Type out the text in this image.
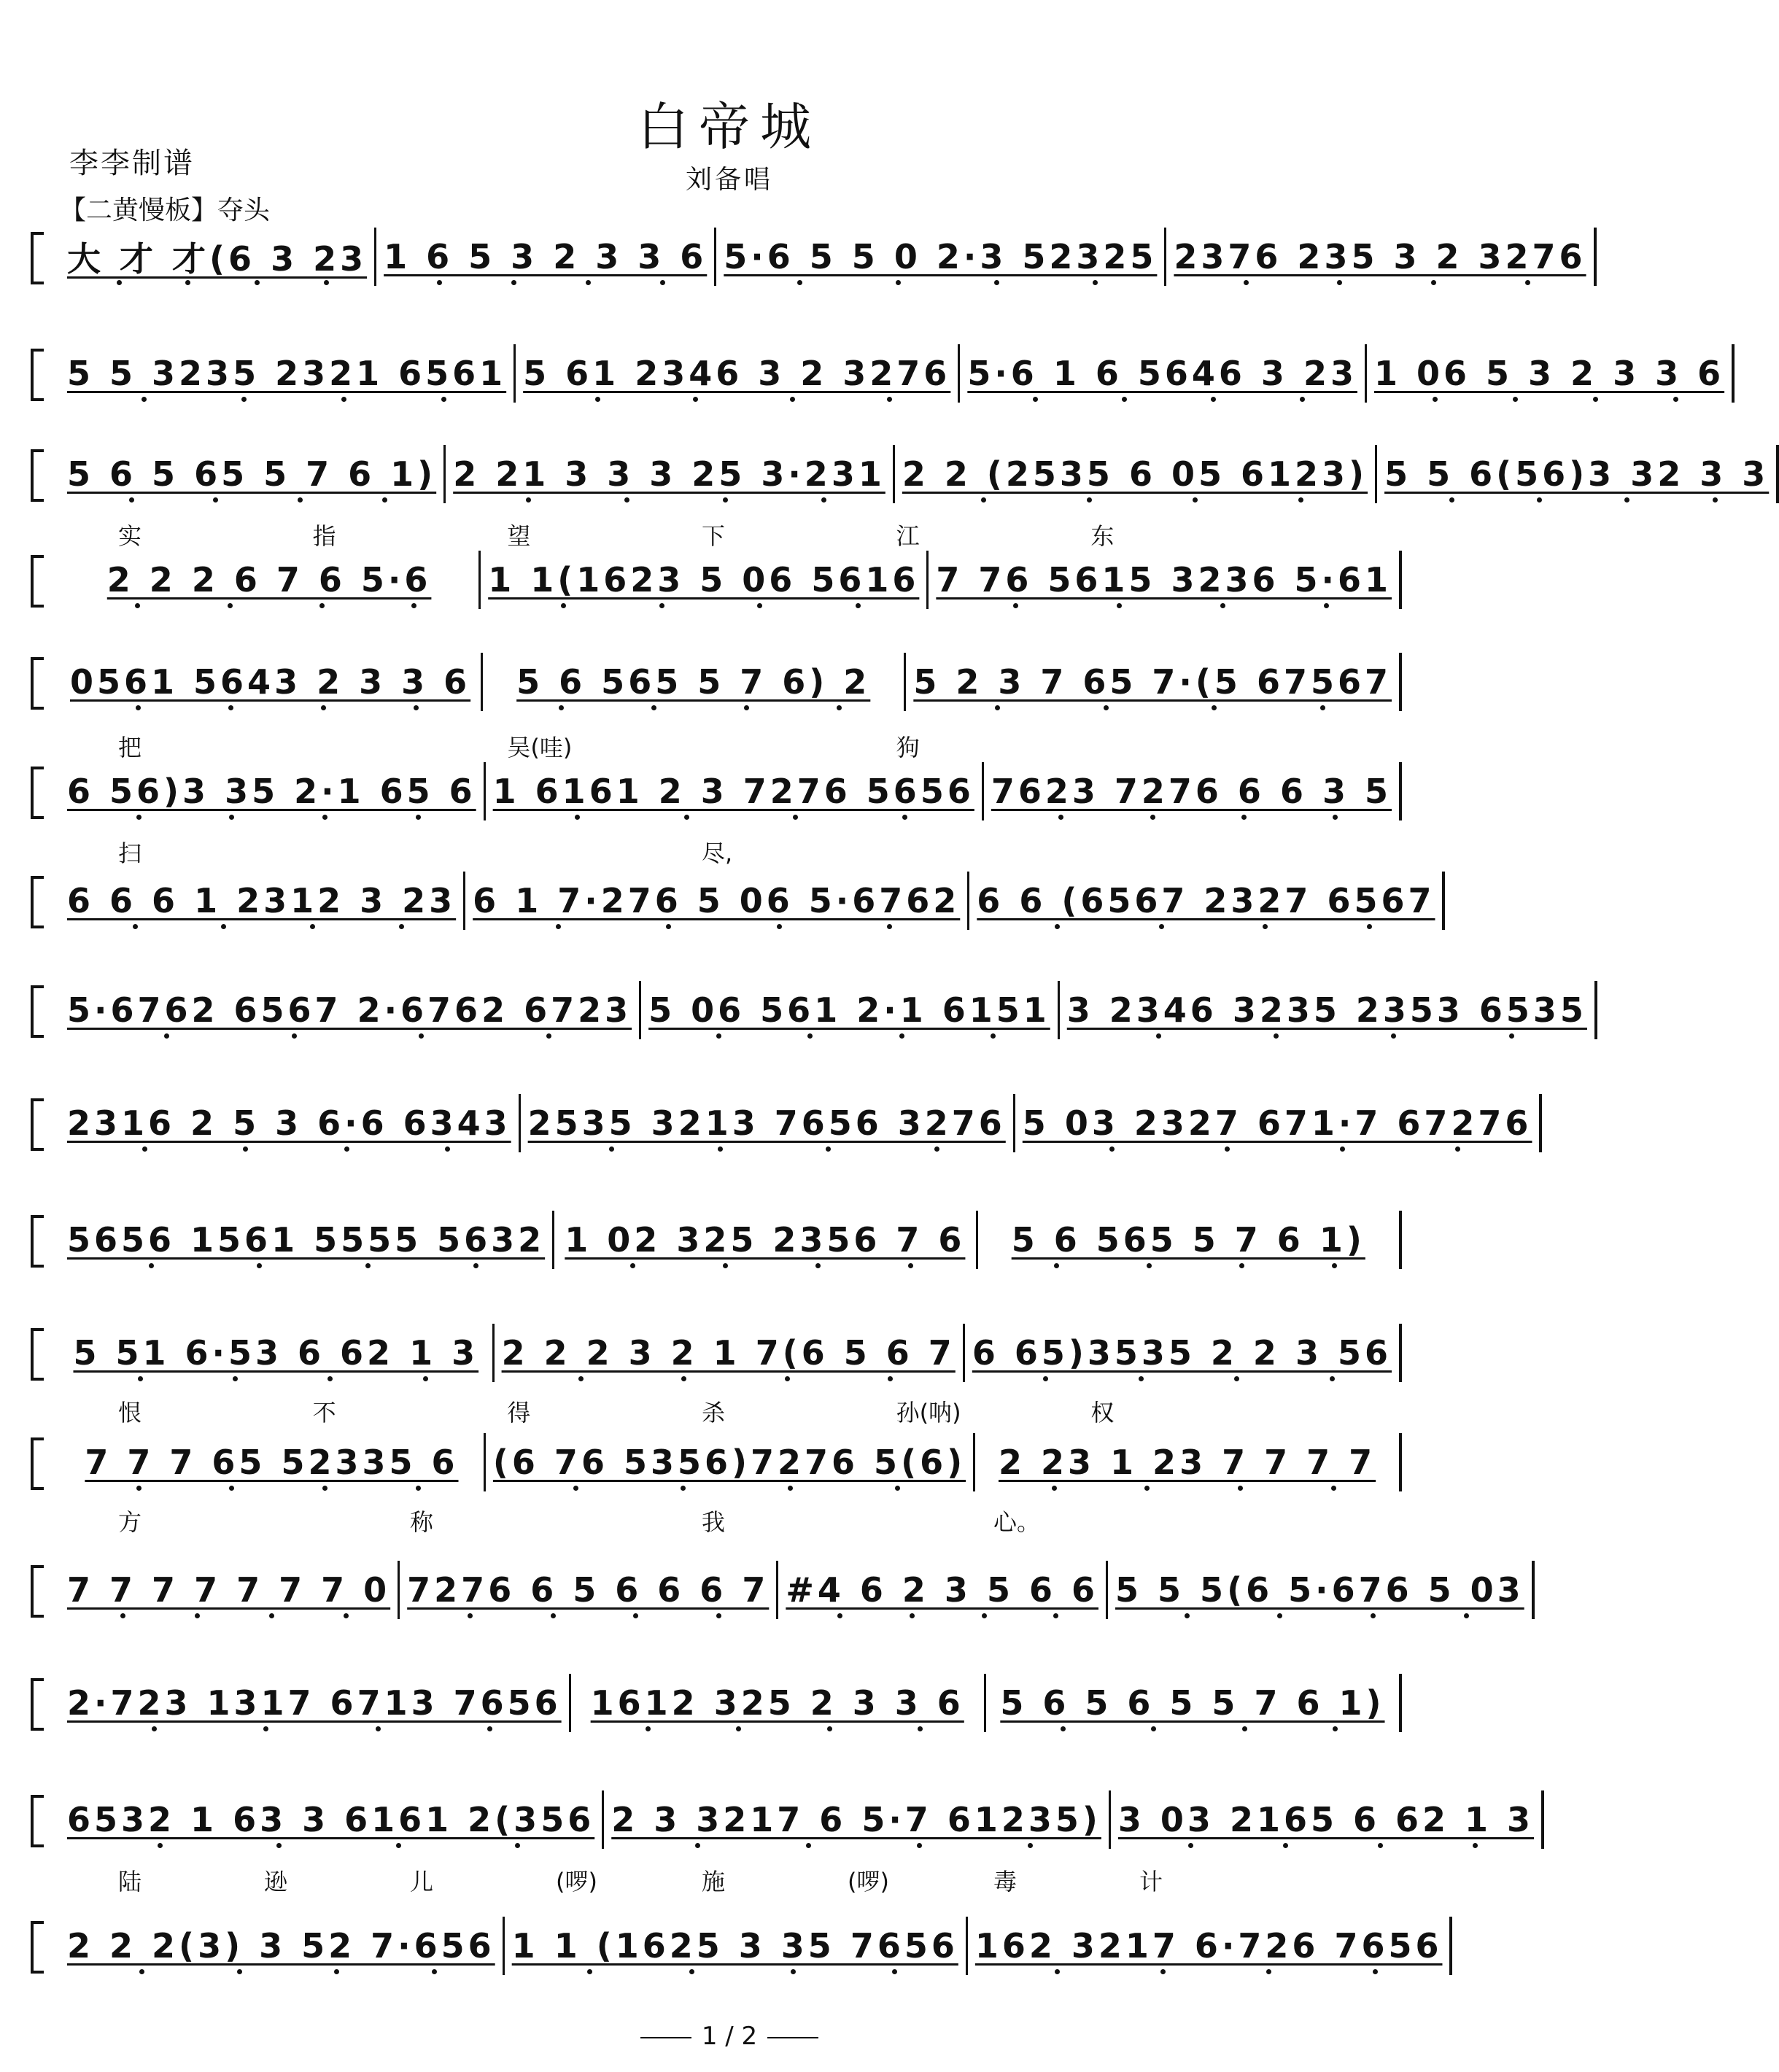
白帝城
刘备唱
李李制谱
【二黄慢板】夺头
大 才 才(6 3 23 1 6 5 3 2 3 3 6 5·6 5 5 0 2·3 52325 2376 235 3 2 3276
5 5 3235 2321 6561 5 61 2346 3 2 3276 5·6 1 6 5646 3 23 1 06 5 3 2 3 3 6
5 6 5 65 5 7 6 1) 2 21 3 3 3 25 3·231 2 2 (2535 6 05 6123) 5 5 6(56)3 32 3 3
实	指	望	下	江	东
2 2 2 6 7 6 5·6 1 1(1623 5 06 5616 7 76 5615 3236 5·61
0561 5643 2 3 3 6 5 6 565 5 7 6) 2 5 2 3 7 65 7·(5 67567
把	吴(哇)	狗
6 56)3 35 2·1 65 6 1 6161 2 3 7276 5656 7623 7276 6 6 3 5
扫	尽,
6 6 6 1 2312 3 23 6 1 7·276 5 06 5·6762 6 6 (6567 2327 6567
5·6762 6567 2·6762 6723 5 06 561 2·1 6151 3 2346 3235 2353 6535
2316 2 5 3 6·6 6343 2535 3213 7656 3276 5 03 2327 671·7 67276
5656 1561 5555 5632 1 02 325 2356 7 6 5 6 565 5 7 6 1)
5 51 6·53 6 62 1 3 2 2 2 3 2 1 7(6 5 6 7 6 65)3535 2 2 3 56
恨	不	得	杀	孙(呐)	权
7 7 7 65 52335 6 (6 76 5356)7276 5(6) 2 23 1 23 7 7 7 7
方	称	我	心。
7 7 7 7 7 7 7 0 7276 6 5 6 6 6 7 #4 6 2 3 5 6 6 5 5 5(6 5·676 5 03
2·723 1317 6713 7656 1612 325 2 3 3 6 5 6 5 6 5 5 7 6 1)
6532 1 63 3 6161 2(356 2 3 3217 6 5·7 61235) 3 03 2165 6 62 1 3
陆	逊	儿	(啰)	施	(啰)	毒	计
2 2 2(3) 3 52 7·656 1 1 (1625 3 35 7656 162 3217 6·726 7656
1 / 2
